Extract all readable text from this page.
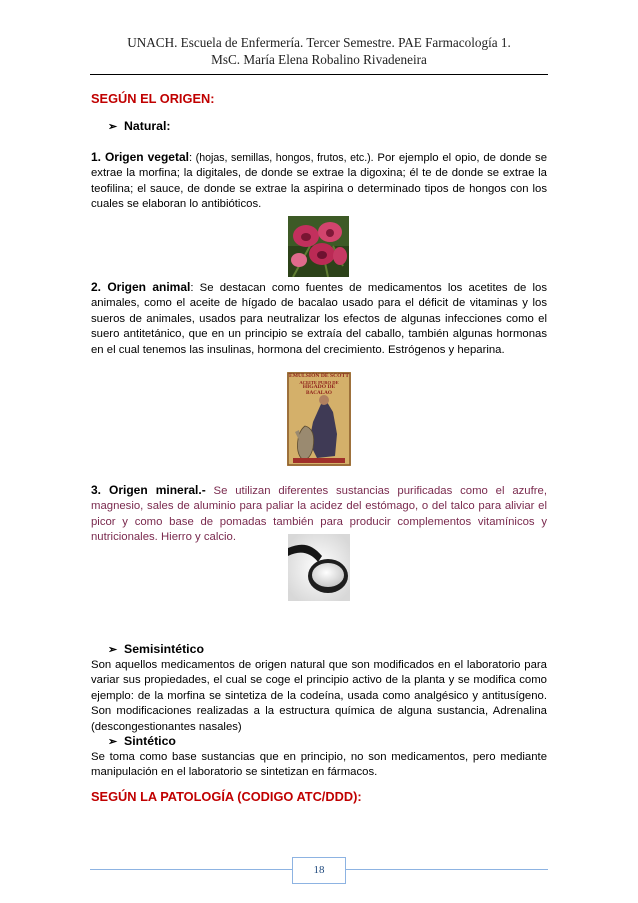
UNACH. Escuela de Enfermería. Tercer Semestre. PAE Farmacología 1.
MsC. María Elena Robalino Rivadeneira
SEGÚN EL ORIGEN:
➢ Natural:
1. Origen vegetal: (hojas, semillas, hongos, frutos, etc.). Por ejemplo el opio, de donde se extrae la morfina; la digitales, de donde se extrae la digoxina; él te de donde se extrae la teofilina; el sauce, de donde se extrae la aspirina o determinado tipos de hongos con los cuales se elaboran lo antibióticos.
2. Origen animal: Se destacan como fuentes de medicamentos los acetites de los animales, como el aceite de hígado de bacalao usado para el déficit de vitaminas y los sueros de animales, usados para neutralizar los efectos de algunas infecciones como el suero antitetánico, que en un principio se extraía del caballo, también algunas hormonas en el cual tenemos las insulinas, hormona del crecimiento. Estrógenos y heparina.
EMULSIÓN DE SCOTT
ACEITE PURO DE
HÍGADO DE
BACALAO
3. Origen mineral.- Se utilizan diferentes sustancias purificadas como el azufre, magnesio, sales de aluminio para paliar la acidez del estómago, o del talco para aliviar el picor y como base de pomadas también para producir complementos vitamínicos y nutricionales. Hierro y calcio.
➢ Semisintético
Son aquellos medicamentos de origen natural que son modificados en el laboratorio para variar sus propiedades, el cual se coge el principio activo de la planta y se modifica como ejemplo: de la morfina se sintetiza de la codeína, usada como analgésico y antitusígeno. Son modificaciones realizadas a la estructura química de alguna sustancia, Adrenalina (descongestionantes nasales)
➢ Sintético
Se toma como base sustancias que en principio, no son medicamentos, pero mediante manipulación en el laboratorio se sintetizan en fármacos.
SEGÚN LA PATOLOGÍA (CODIGO ATC/DDD):
18
